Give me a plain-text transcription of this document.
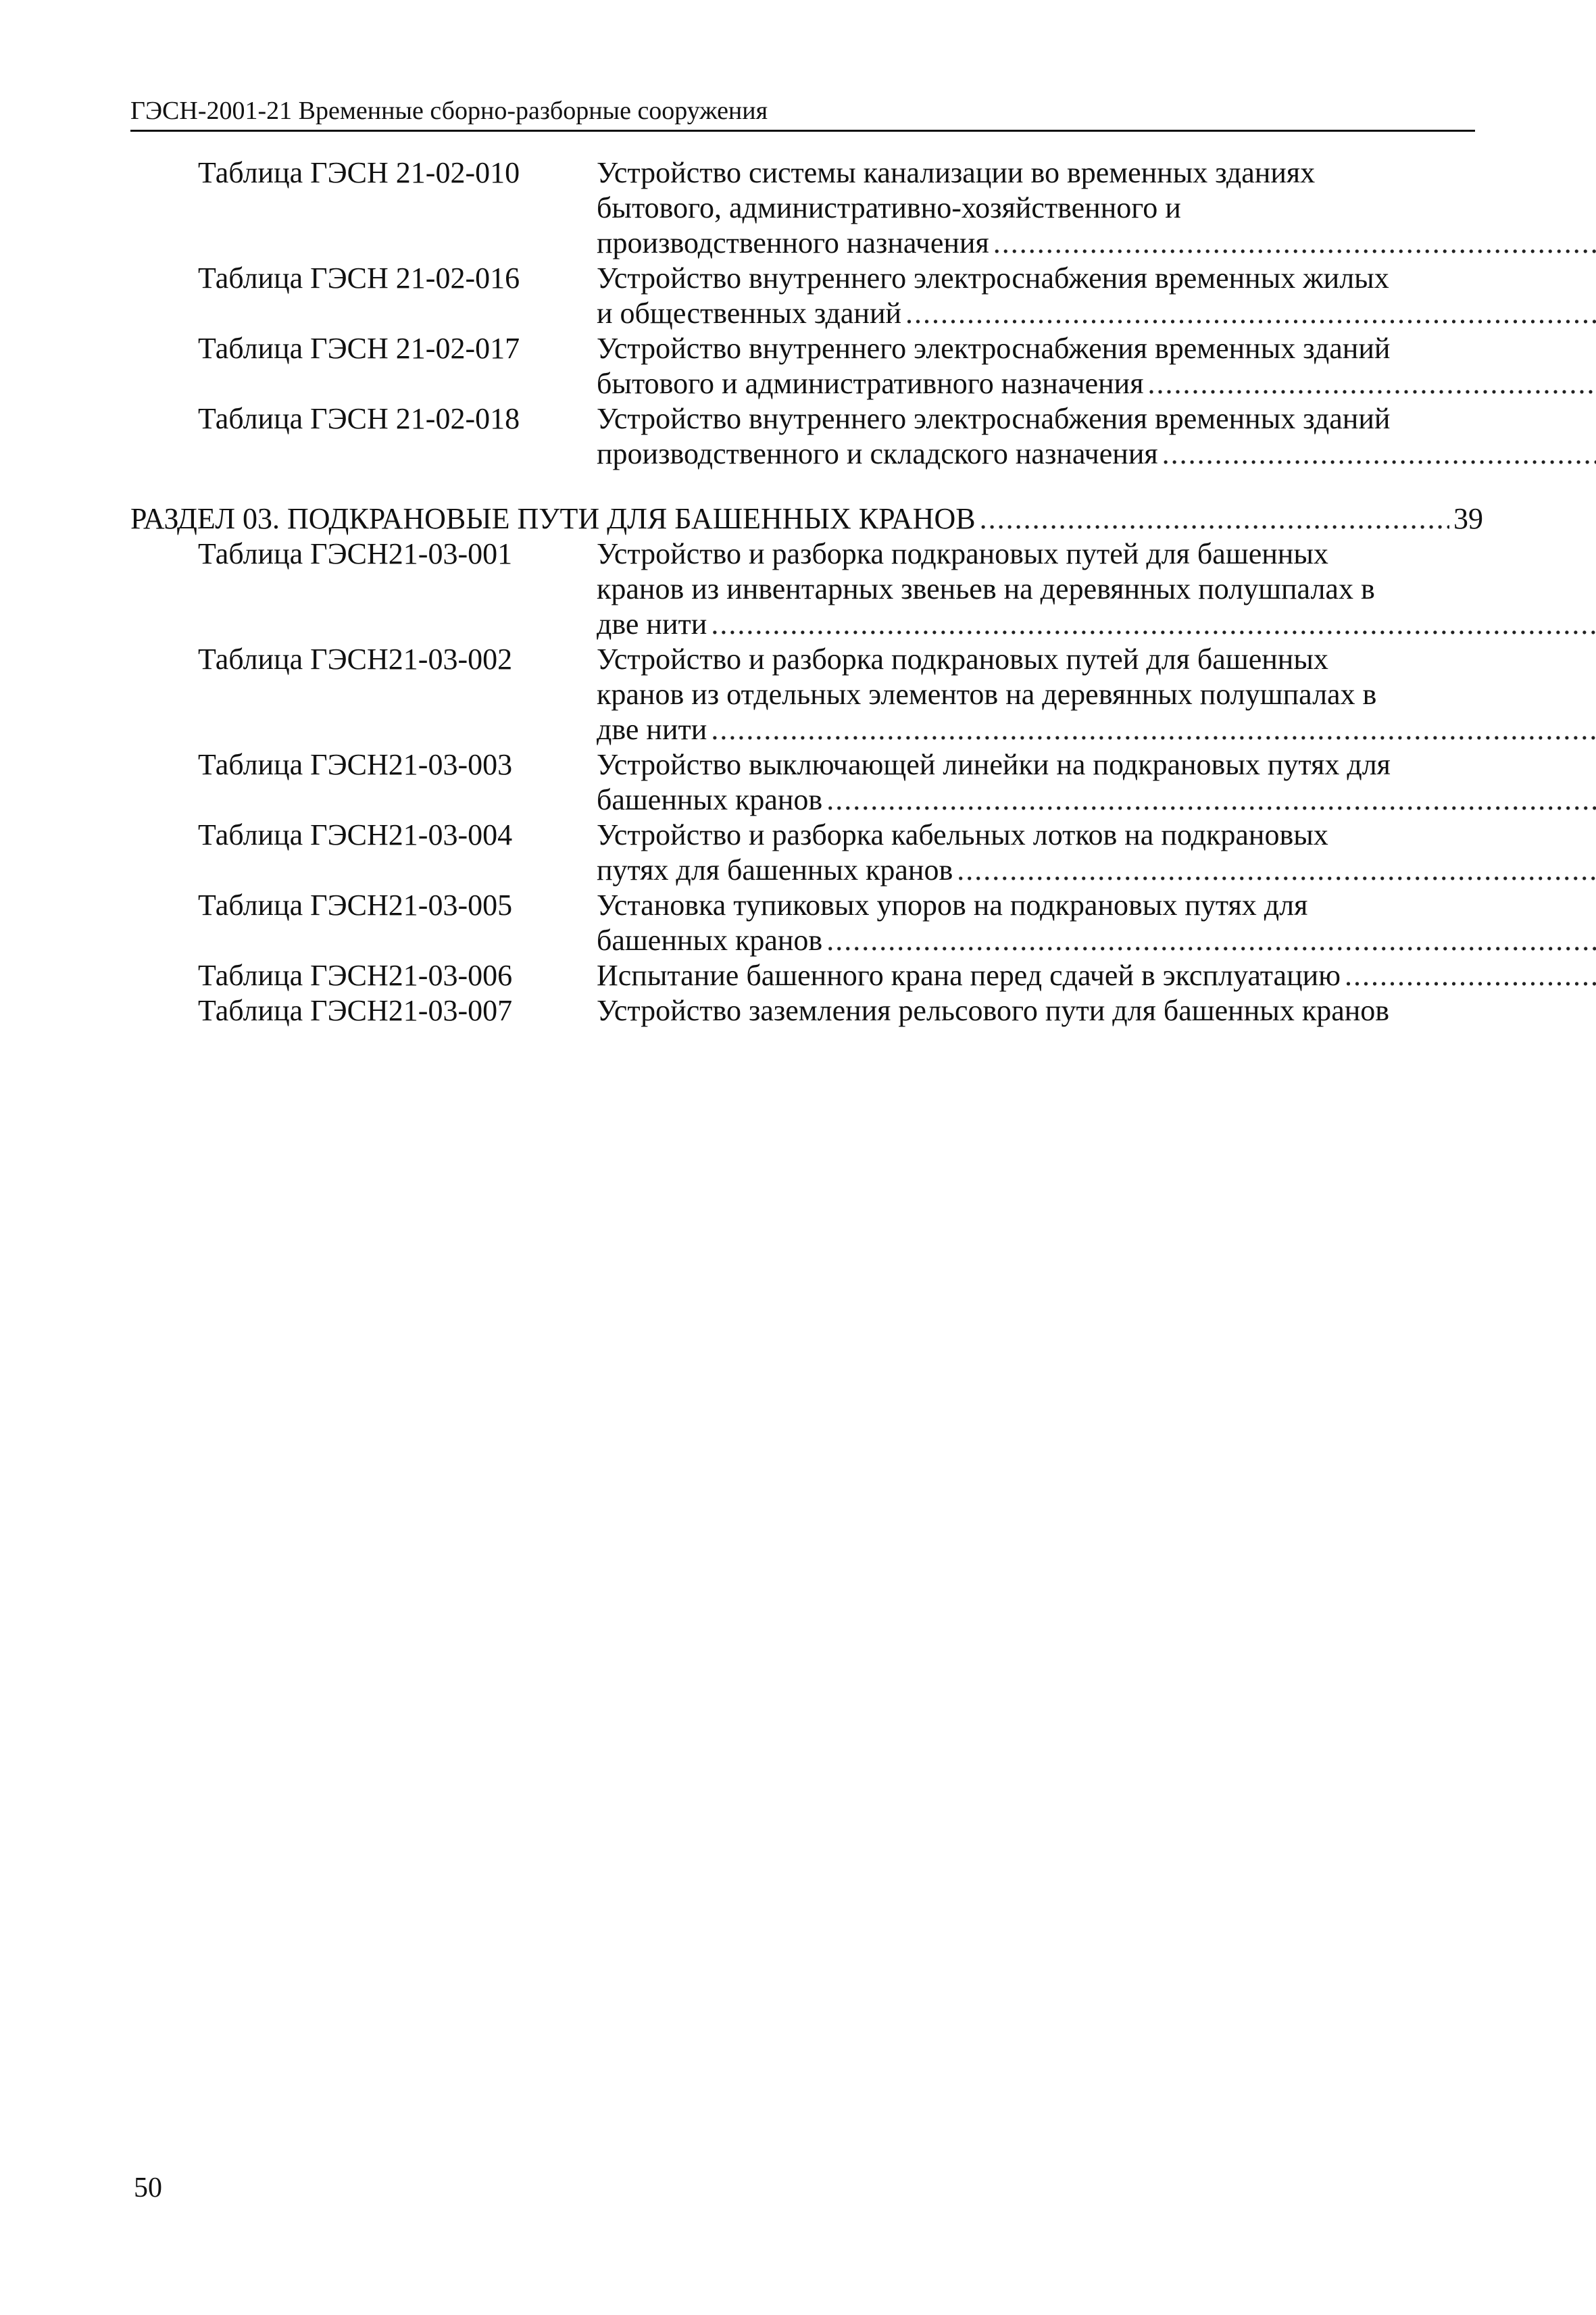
ГЭСН-2001-21 Временные сборно-разборные сооружения
Таблица ГЭСН 21-02-010	Устройство системы канализации во временных зданиях
бытового, административно-хозяйственного и
производственного назначения
.....
Таблица ГЭСН 21-02-016	Устройство внутреннего электроснабжения временных жилых
и общественных зданий
.....
Таблица ГЭСН 21-02-017	Устройство внутреннего электроснабжения временных зданий
бытового и административного назначения
.....
Таблица ГЭСН 21-02-018	Устройство внутреннего электроснабжения временных зданий
производственного и складского назначения
.....
РАЗДЕЛ 03. ПОДКРАНОВЫЕ ПУТИ ДЛЯ БАШЕННЫХ КРАНОВ
.....	39
Таблица ГЭСН21-03-001	Устройство и разборка подкрановых путей для башенных
кранов из инвентарных звеньев на деревянных полушпалах в
две нити
.....
Таблица ГЭСН21-03-002	Устройство и разборка подкрановых путей для башенных
кранов из отдельных элементов на деревянных полушпалах в
две нити
.....
Таблица ГЭСН21-03-003	Устройство выключающей линейки на подкрановых путях для
башенных кранов
.....
Таблица ГЭСН21-03-004	Устройство и разборка кабельных лотков на подкрановых
путях для башенных кранов
.....
Таблица ГЭСН21-03-005	Установка тупиковых упоров на подкрановых путях для
башенных кранов
.....
Таблица ГЭСН21-03-006	Испытание башенного крана перед сдачей в эксплуатацию
.....
Таблица ГЭСН21-03-007	Устройство заземления рельсового пути для башенных кранов
50
